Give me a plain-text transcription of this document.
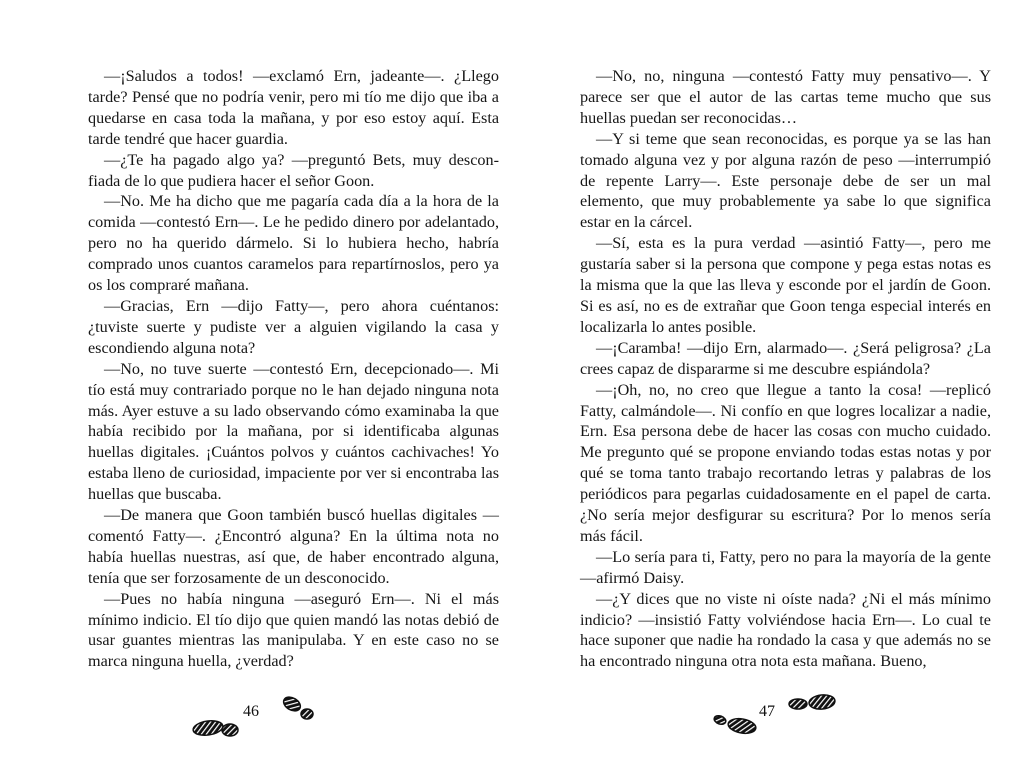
—¡Saludos a todos! —exclamó Ern, jadeante—. ¿Llego tarde? Pensé que no podría venir, pero mi tío me dijo que iba a quedarse en casa toda la mañana, y por eso estoy aquí. Esta tarde tendré que hacer guardia.

—¿Te ha pagado algo ya? —preguntó Bets, muy desconfiada de lo que pudiera hacer el señor Goon.

—No. Me ha dicho que me pagaría cada día a la hora de la comida —contestó Ern—. Le he pedido dinero por adelantado, pero no ha querido dármelo. Si lo hubiera hecho, habría comprado unos cuantos caramelos para repartírnoslos, pero ya os los compraré mañana.

—Gracias, Ern —dijo Fatty—, pero ahora cuéntanos: ¿tuviste suerte y pudiste ver a alguien vigilando la casa y escondiendo alguna nota?

—No, no tuve suerte —contestó Ern, decepcionado—. Mi tío está muy contrariado porque no le han dejado ninguna nota más. Ayer estuve a su lado observando cómo examinaba la que había recibido por la mañana, por si identificaba algunas huellas digitales. ¡Cuántos polvos y cuántos cachivaches! Yo estaba lleno de curiosidad, impaciente por ver si encontraba las huellas que buscaba.

—De manera que Goon también buscó huellas digitales —comentó Fatty—. ¿Encontró alguna? En la última nota no había huellas nuestras, así que, de haber encontrado alguna, tenía que ser forzosamente de un desconocido.

—Pues no había ninguna —aseguró Ern—. Ni el más mínimo indicio. El tío dijo que quien mandó las notas debió de usar guantes mientras las manipulaba. Y en este caso no se marca ninguna huella, ¿verdad?

—No, no, ninguna —contestó Fatty muy pensativo—. Y parece ser que el autor de las cartas teme mucho que sus huellas puedan ser reconocidas…

—Y si teme que sean reconocidas, es porque ya se las han tomado alguna vez y por alguna razón de peso —interrumpió de repente Larry—. Este personaje debe de ser un mal elemento, que muy probablemente ya sabe lo que significa estar en la cárcel.

—Sí, esta es la pura verdad —asintió Fatty—, pero me gustaría saber si la persona que compone y pega estas notas es la misma que la que las lleva y esconde por el jardín de Goon. Si es así, no es de extrañar que Goon tenga especial interés en localizarla lo antes posible.

—¡Caramba! —dijo Ern, alarmado—. ¿Será peligrosa? ¿La crees capaz de dispararme si me descubre espiándola?

—¡Oh, no, no creo que llegue a tanto la cosa! —replicó Fatty, calmándole—. Ni confío en que logres localizar a nadie, Ern. Esa persona debe de hacer las cosas con mucho cuidado. Me pregunto qué se propone enviando todas estas notas y por qué se toma tanto trabajo recortando letras y palabras de los periódicos para pegarlas cuidadosamente en el papel de carta. ¿No sería mejor desfigurar su escritura? Por lo menos sería más fácil.

—Lo sería para ti, Fatty, pero no para la mayoría de la gente —afirmó Daisy.

—¿Y dices que no viste ni oíste nada? ¿Ni el más mínimo indicio? —insistió Fatty volviéndose hacia Ern—. Lo cual te hace suponer que nadie ha rondado la casa y que además no se ha encontrado ninguna otra nota esta mañana. Bueno,

46	47
